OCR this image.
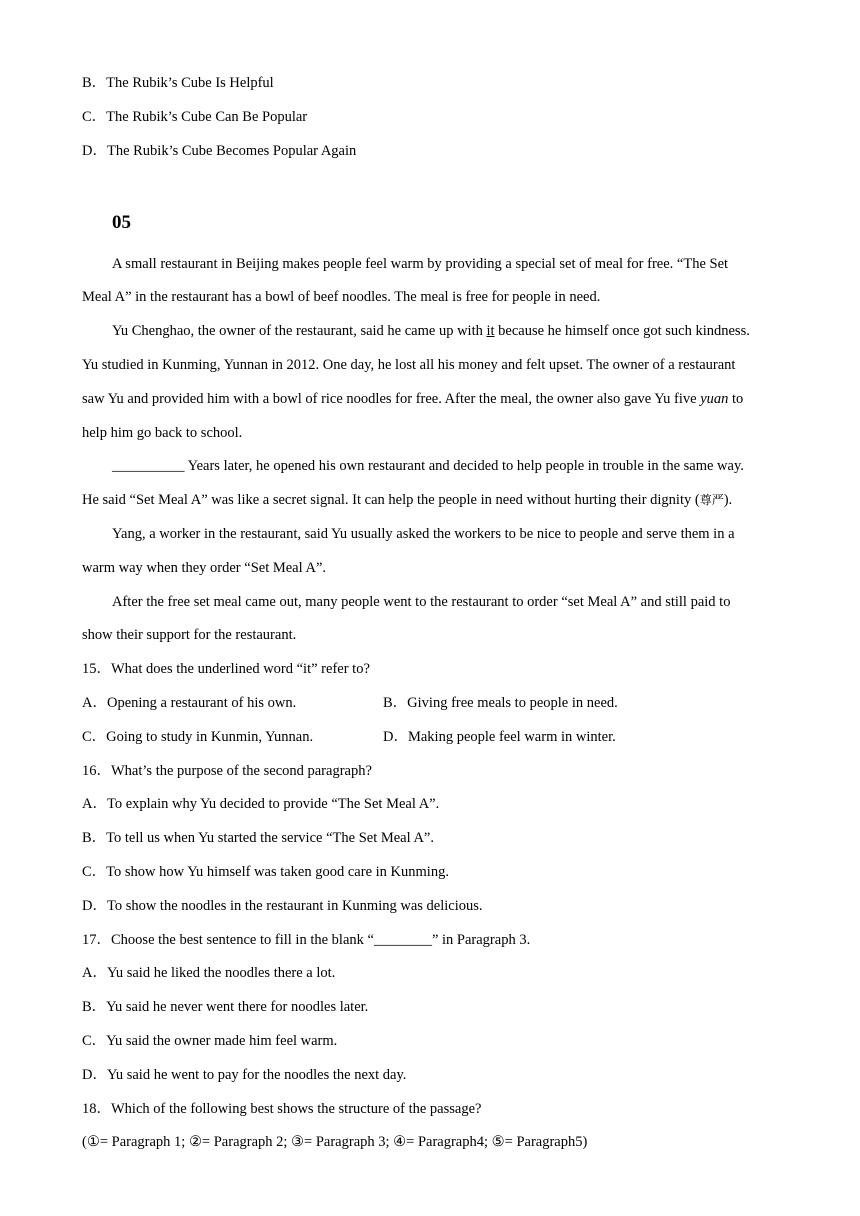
B．The Rubik’s Cube Is Helpful
C．The Rubik’s Cube Can Be Popular
D．The Rubik’s Cube Becomes Popular Again
05
A small restaurant in Beijing makes people feel warm by providing a special set of meal for free. “The Set
Meal A” in the restaurant has a bowl of beef noodles. The meal is free for people in need.
Yu Chenghao, the owner of the restaurant, said he came up with it because he himself once got such kindness.
Yu studied in Kunming, Yunnan in 2012. One day, he lost all his money and felt upset. The owner of a restaurant
saw Yu and provided him with a bowl of rice noodles for free. After the meal, the owner also gave Yu five yuan to
help him go back to school.
__________ Years later, he opened his own restaurant and decided to help people in trouble in the same way.
He said “Set Meal A” was like a secret signal. It can help the people in need without hurting their dignity (尊严).
Yang, a worker in the restaurant, said Yu usually asked the workers to be nice to people and serve them in a
warm way when they order “Set Meal A”.
After the free set meal came out, many people went to the restaurant to order “set Meal A” and still paid to
show their support for the restaurant.
15．What does the underlined word “it” refer to?
A．Opening a restaurant of his own.	B．Giving free meals to people in need.
C．Going to study in Kunmin, Yunnan.	D．Making people feel warm in winter.
16．What’s the purpose of the second paragraph?
A．To explain why Yu decided to provide “The Set Meal A”.
B．To tell us when Yu started the service “The Set Meal A”.
C．To show how Yu himself was taken good care in Kunming.
D．To show the noodles in the restaurant in Kunming was delicious.
17．Choose the best sentence to fill in the blank “________” in Paragraph 3.
A．Yu said he liked the noodles there a lot.
B．Yu said he never went there for noodles later.
C．Yu said the owner made him feel warm.
D．Yu said he went to pay for the noodles the next day.
18．Which of the following best shows the structure of the passage?
(①= Paragraph 1; ②= Paragraph 2; ③= Paragraph 3; ④= Paragraph4; ⑤= Paragraph5)
